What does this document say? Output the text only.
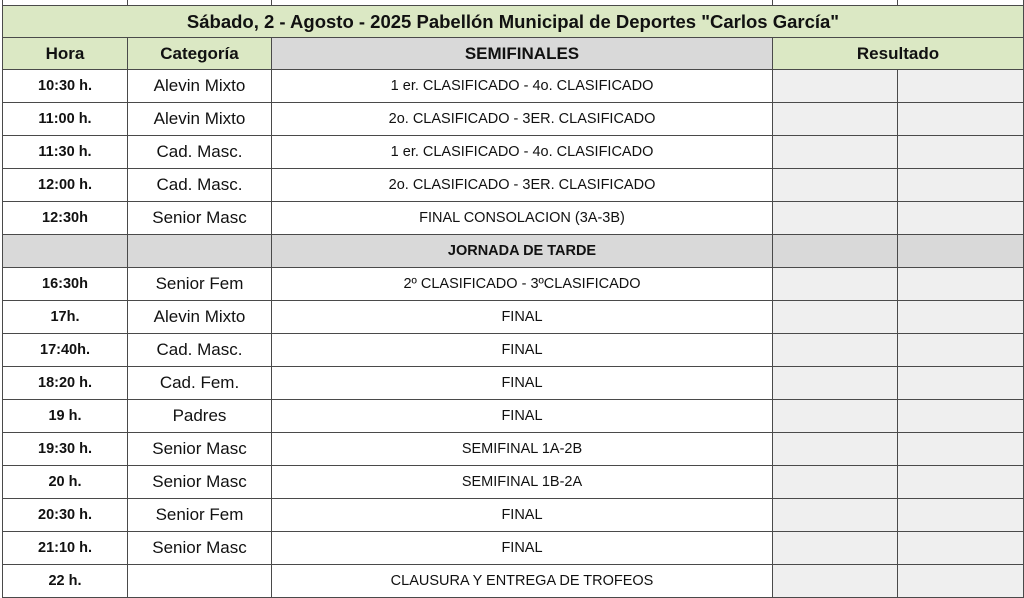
Sábado, 2 - Agosto - 2025 Pabellón Municipal de Deportes "Carlos García"				
Hora	Categoría	SEMIFINALES	Resultado	
10:30 h.	Alevin Mixto	1 er. CLASIFICADO - 4o. CLASIFICADO		
11:00 h.	Alevin Mixto	2o. CLASIFICADO - 3ER. CLASIFICADO		
11:30 h.	Cad. Masc.	1 er. CLASIFICADO - 4o. CLASIFICADO		
12:00 h.	Cad. Masc.	2o. CLASIFICADO - 3ER. CLASIFICADO		
12:30h	Senior Masc	FINAL CONSOLACION (3A-3B)		
		JORNADA DE TARDE		
16:30h	Senior Fem	2º CLASIFICADO - 3ºCLASIFICADO		
17h.	Alevin Mixto	FINAL		
17:40h.	Cad. Masc.	FINAL		
18:20 h.	Cad. Fem.	FINAL		
19 h.	Padres	FINAL		
19:30 h.	Senior Masc	SEMIFINAL 1A-2B		
20 h.	Senior Masc	SEMIFINAL 1B-2A		
20:30 h.	Senior Fem	FINAL		
21:10 h.	Senior Masc	FINAL		
22 h.		CLAUSURA Y ENTREGA DE TROFEOS		
